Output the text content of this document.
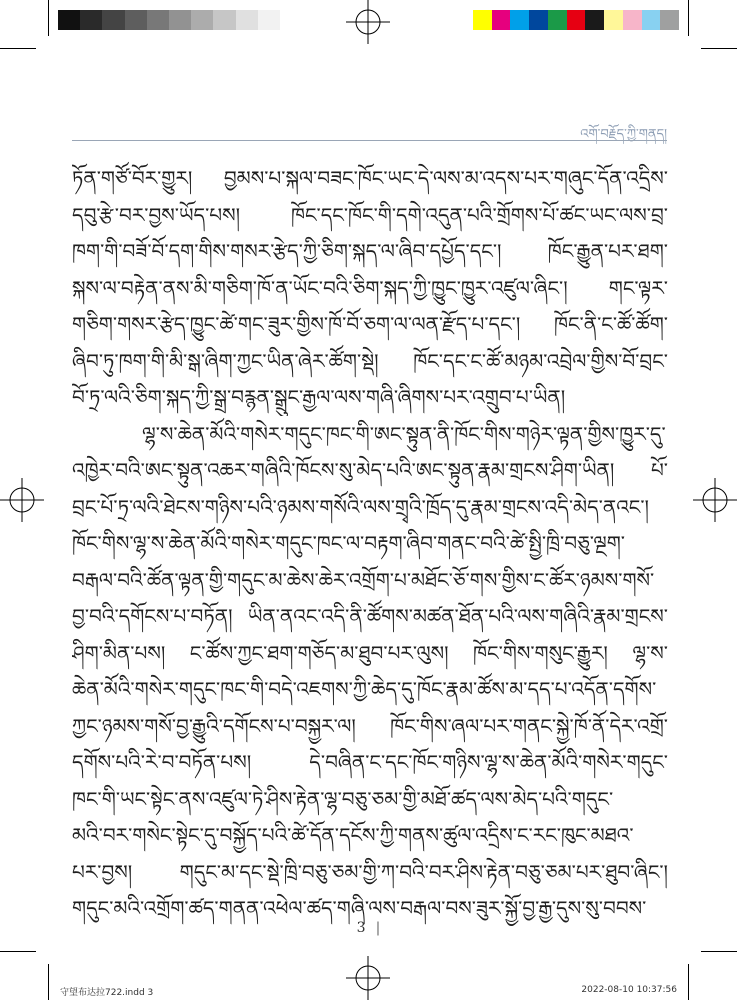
འགོ་བརྗོད་ཀྱི་གནད།
ཏོན་གཙོ་བོར་གྱུར། བྱམས་པ་སྐལ་བཟང་ཁོང་ཡང་དེ་ལས་མ་འདས་པར་གཞུང་དོན་འདྲིས་
དབུ་རྩེ་བར་བྱས་ཡོད་པས། ཁོང་དང་ཁོང་གི་དགེ་འདུན་པའི་གྲོགས་པོ་ཚང་ཡང་ལས་བྲ་
ཁག་གི་བཟོ་བོ་དག་གིས་གསར་རྩེད་ཀྱི་ཅིག་སྐད་ལ་ཞིབ་དཔྱོད་དང་། ཁོང་རྒྱུན་པར་ཐག་
སྐས་ལ་བརྟེན་ནས་མི་གཅིག་ཁོ་ན་ཡོང་བའི་ཅིག་སྐད་ཀྱི་ཁྱུང་ཁྱུར་འཛུལ་ཞིང་། གང་ལྟར་
གཅིག་གསར་རྩེད་ཁྱུང་ཚེ་གང་ཟུར་གྱིས་ཁོ་བོ་ཅག་ལ་ལན་རྫོད་པ་དང་། ཁོང་ནི་ང་ཚོ་ཚོག་
ཞིབ་ཏུ་ཁག་གི་མི་སྒ་ཞིག་ཀྱང་ཡིན་ཞེར་ཚོག་སྡེ། ཁོང་དང་ང་ཚོ་མཉམ་འབྲེལ་གྱིས་བོ་བྲང་
བོ་ཏྲ་ལའི་ཅིག་སྐད་ཀྱི་སྒྲ་བརྙན་སྒྲུང་རྒྱལ་ལས་གཞི་ཞིགས་པར་འགྲུབ་པ་ཡིན།
ལྷ་ས་ཆེན་མོའི་གསེར་གདུང་ཁང་གི་ཨང་སྟུན་ནི་ཁོང་གིས་གཉེར་ལྟན་གྱིས་ཁྱུར་དུ་
འཁྱེར་བའི་ཨང་སྟུན་འཆར་གཞིའི་ཁོངས་སུ་མེད་པའི་ཨང་སྟུན་རྣམ་གྲངས་ཤིག་ཡིན། པོ་
བྲང་པོ་ཏྲ་ལའི་ཐེངས་གཉིས་པའི་ཉམས་གསོའི་ལས་གྲྭའི་ཁྲོད་དུ་རྣམ་གྲངས་འདི་མེད་ནའང་།
ཁོང་གིས་ལྷ་ས་ཆེན་མོའི་གསེར་གདུང་ཁང་ལ་བརྟག་ཞིབ་གནང་བའི་ཚེ་སྤྱི་ཁྲི་བཅུ་ལྔག་
བརྒལ་བའི་ཚོན་ལྟན་གྱི་གདུང་མ་ཆེས་ཆེར་འགྲོག་པ་མཐོང་ཅོ་གས་གྱིས་ང་ཚོར་ཉམས་གསོ་
བྱ་བའི་དགོངས་པ་བཏོན། ཡིན་ནའང་འདི་ནི་ཚོགས་མཚན་ཐོན་པའི་ལས་གཞིའི་རྣམ་གྲངས་
ཤིག་མིན་པས། ང་ཚོས་ཀྱང་ཐག་གཅོད་མ་ཐུབ་པར་ལུས། ཁོང་གིས་གསུང་རྒྱུར། ལྷ་ས་
ཆེན་མོའི་གསེར་གདུང་ཁང་གི་བདེ་འཇགས་ཀྱི་ཆེད་དུ་ཁོང་རྣམ་ཚོས་མ་དད་པ་འདོན་དགོས་
ཀྱང་ཉམས་གསོ་བྱ་རྒྱུའི་དགོངས་པ་བསྐྱར་ལ། ཁོང་གིས་ཞལ་པར་གནང་སྐྱེ་ཁོ་ནོ་དེར་འགྲོ་
དགོས་པའི་རེ་བ་བཏོན་པས། དེ་བཞིན་ང་དང་ཁོང་གཉིས་ལྷ་ས་ཆེན་མོའི་གསེར་གདུང་
ཁང་གི་ཡང་སྟེང་ནས་འཛུལ་ཏེ་ཤིས་རྟེན་ལྷ་བཅུ་ཅམ་གྱི་མཐོ་ཚད་ལས་མེད་པའི་གདུང་
མའི་བར་གསེང་སྟེང་དུ་བསྐྱོད་པའི་ཚེ་དོན་དངོས་ཀྱི་གནས་ཚུལ་འདྲིས་ང་རང་ཁུང་མཐའ་
པར་བྱས། གདུང་མ་དང་སྡེ་ཁྲི་བཅུ་ཅམ་གྱི་ཀ་བའི་བར་ཤིས་རྟེན་བཅུ་ཅམ་པར་ཐུབ་ཞིང་།
གདུང་མའི་འགྲོག་ཚད་གནན་འཕེལ་ཚད་གཞི་ལས་བརྒལ་བས་ཟུར་སྐྱོ་བྱ་རྒྱ་དུས་སུ་བབས་
3 |
守望布达拉722.indd 3	2022-08-10 10:37:56
